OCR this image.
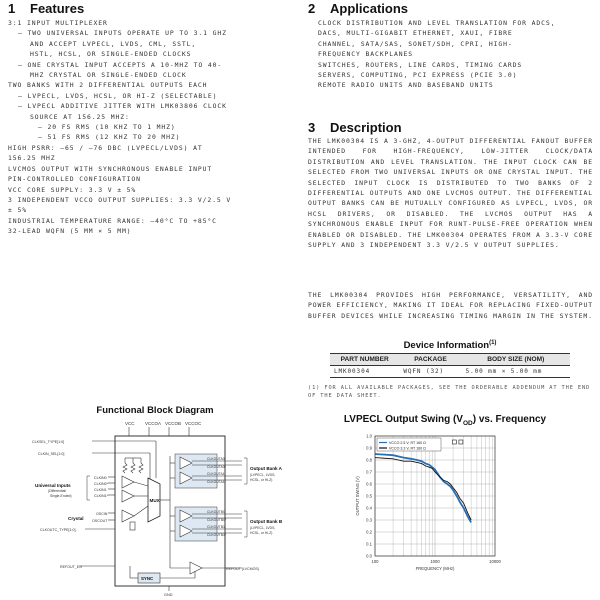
1 Features	2 Applications
3:1 INPUT MULTIPLEXER
– TWO UNIVERSAL INPUTS OPERATE UP TO 3.1 GHZ
AND ACCEPT LVPECL, LVDS, CML, SSTL,
HSTL, HCSL, OR SINGLE-ENDED CLOCKS
– ONE CRYSTAL INPUT ACCEPTS A 10-MHZ TO 40-
MHZ CRYSTAL OR SINGLE-ENDED CLOCK
TWO BANKS WITH 2 DIFFERENTIAL OUTPUTS EACH
– LVPECL, LVDS, HCSL, OR HI-Z (SELECTABLE)
– LVPECL ADDITIVE JITTER WITH LMK03806 CLOCK
SOURCE AT 156.25 MHZ:
– 20 FS RMS (10 KHZ TO 1 MHZ)
– 51 FS RMS (12 KHZ TO 20 MHZ)
HIGH PSRR: –65 / –76 DBC (LVPECL/LVDS) AT
156.25 MHZ
LVCMOS OUTPUT WITH SYNCHRONOUS ENABLE INPUT
PIN-CONTROLLED CONFIGURATION
VCC CORE SUPPLY: 3.3 V ± 5%
3 INDEPENDENT VCCO OUTPUT SUPPLIES: 3.3 V/2.5 V
± 5%
INDUSTRIAL TEMPERATURE RANGE: –40°C TO +85°C
32-LEAD WQFN (5 MM × 5 MM)
CLOCK DISTRIBUTION AND LEVEL TRANSLATION FOR ADCS,
DACS, MULTI-GIGABIT ETHERNET, XAUI, FIBRE
CHANNEL, SATA/SAS, SONET/SDH, CPRI, HIGH-
FREQUENCY BACKPLANES
SWITCHES, ROUTERS, LINE CARDS, TIMING CARDS
SERVERS, COMPUTING, PCI EXPRESS (PCIE 3.0)
REMOTE RADIO UNITS AND BASEBAND UNITS
3 Description
THE LMK00304 IS A 3-GHZ, 4-OUTPUT DIFFERENTIAL FANOUT BUFFER INTENDED FOR HIGH-FREQUENCY, LOW-JITTER CLOCK/DATA DISTRIBUTION AND LEVEL TRANSLATION. THE INPUT CLOCK CAN BE SELECTED FROM TWO UNIVERSAL INPUTS OR ONE CRYSTAL INPUT. THE SELECTED INPUT CLOCK IS DISTRIBUTED TO TWO BANKS OF 2 DIFFERENTIAL OUTPUTS AND ONE LVCMOS OUTPUT. THE DIFFERENTIAL OUTPUT BANKS CAN BE MUTUALLY CONFIGURED AS LVPECL, LVDS, OR HCSL DRIVERS, OR DISABLED. THE LVCMOS OUTPUT HAS A SYNCHRONOUS ENABLE INPUT FOR RUNT-PULSE-FREE OPERATION WHEN ENABLED OR DISABLED. THE LMK00304 OPERATES FROM A 3.3-V CORE SUPPLY AND 3 INDEPENDENT 3.3 V/2.5 V OUTPUT SUPPLIES.
THE LMK00304 PROVIDES HIGH PERFORMANCE, VERSATILITY, AND POWER EFFICIENCY, MAKING IT IDEAL FOR REPLACING FIXED-OUTPUT BUFFER DEVICES WHILE INCREASING TIMING MARGIN IN THE SYSTEM.
Device Information$^{(1)}$
PART NUMBER	PACKAGE	BODY SIZE (NOM)
LMK00304	WQFN (32)	5.00 mm × 5.00 mm
(1) FOR ALL AVAILABLE PACKAGES, SEE THE ORDERABLE ADDENDUM AT THE END OF THE DATA SHEET.
Functional Block Diagram
VCC VCCOA VCCOB VCCOC
CLKSEL_TYPE[1:0]
CLKIN_SEL[1:0]
CLKIN0
CLKIN0*
CLKIN1
CLKIN1*
OSCIN
OSCOUT
CLKOUTC_TYPE[1:0]
REFOUT_EN
Universal Inputs
(Differential/
Single-Ended)
Crystal
MUX
CLKOUTA0
CLKOUTA0*
CLKOUTA1
CLKOUTA1*
CLKOUTB0
CLKOUTB0*
CLKOUTB1
CLKOUTB1*
Output Bank A
(LVPECL, LVDS,
HCSL, or Hi-Z)
Output Bank B
(LVPECL, LVDS,
HCSL, or Hi-Z)
REFOUT (LVCMOS)
SYNC
GND
LVPECL Output Swing $(V_{OD})$ vs. Frequency
0.0
0.1
0.2
0.3
0.4
0.5
0.6
0.7
0.8
0.9
1.0
100	1000	10000
VCCO 2.5 V, RT 160 Ω
VCCO 3.3 V, RT 160 Ω
FREQUENCY (MHz)
OUTPUT SWING (V)
